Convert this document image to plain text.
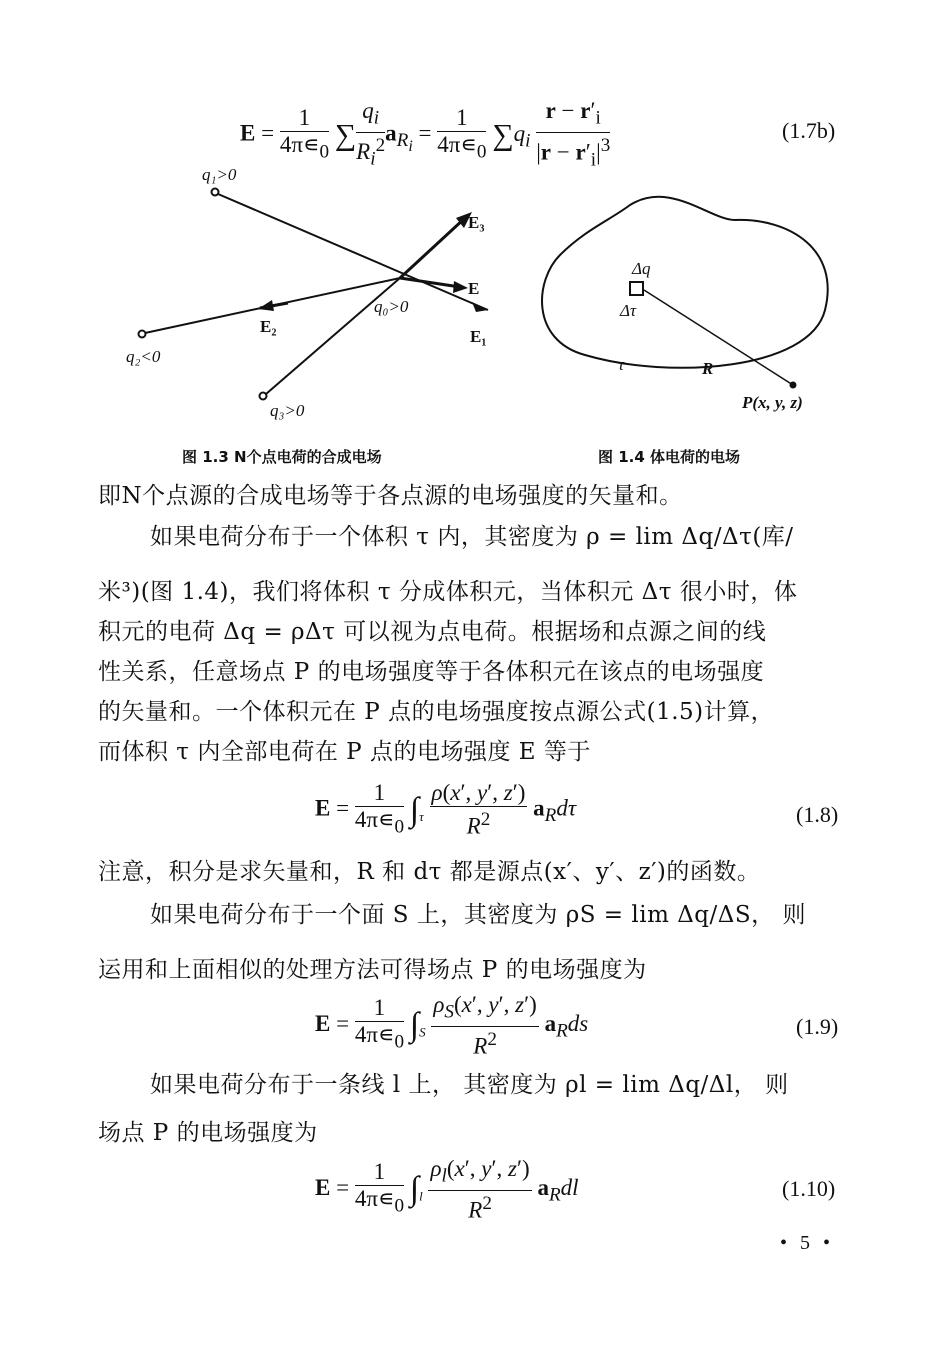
$E = \frac{1}{4\pi∊_0}$ ∑ $\frac{q_i}{R_i^2} a_{R_i} = \frac{1}{4\pi∊_0} \sum q_i \frac{r - r'_i}{|r - r'_i|^3}$	(1.7b)
q₁>0
q₂<0
q₃>0
q₀>0
E
E₁
E₂
E₃
Δq
Δτ
R
τ
P(x, y, z)
图 1.3 N个点电荷的合成电场	图 1.4 体电荷的电场
即N个点源的合成电场等于各点源的电场强度的矢量和。
如果电荷分布于一个体积 τ 内，其密度为 ρ = lim Δq/Δτ(库/
米³)(图 1.4)，我们将体积 τ 分成体积元，当体积元 Δτ 很小时，体
积元的电荷 Δq = ρΔτ 可以视为点电荷。根据场和点源之间的线
性关系，任意场点 P 的电场强度等于各体积元在该点的电场强度
的矢量和。一个体积元在 P 点的电场强度按点源公式(1.5)计算，
而体积 τ 内全部电荷在 P 点的电场强度 E 等于
$E = \frac{1}{4\pi∊_0} \int_\tau \frac{\rho(x', y', z')}{R^2} a_Rd\tau$	(1.8)
注意，积分是求矢量和，R 和 dτ 都是源点(x′、y′、z′)的函数。
如果电荷分布于一个面 S 上，其密度为 ρS = lim Δq/ΔS， 则
运用和上面相似的处理方法可得场点 P 的电场强度为
$E = \frac{1}{4\pi∊_0} \int_S \frac{\rho_S(x', y', z')}{R^2} a_Rds$	(1.9)
如果电荷分布于一条线 l 上， 其密度为 ρl = lim Δq/Δl， 则
场点 P 的电场强度为
$E = \frac{1}{4\pi∊_0} \int_l \frac{\rho_l(x', y', z')}{R^2} a_Rdl$	(1.10)
• 5 •
